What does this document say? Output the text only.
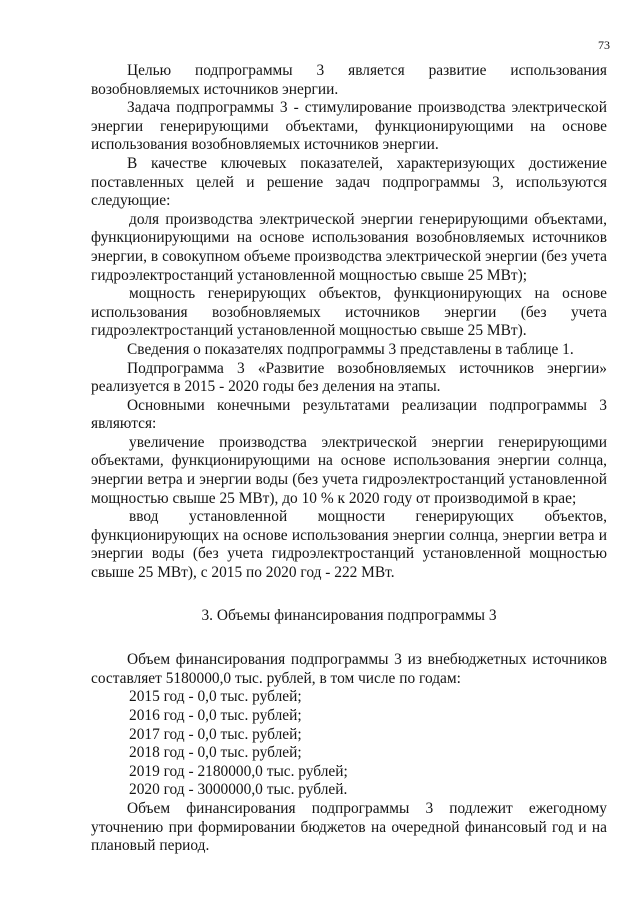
73

Целью подпрограммы 3 является развитие использования возобновляемых источников энергии.

Задача подпрограммы 3 - стимулирование производства электрической энергии генерирующими объектами, функционирующими на основе использования возобновляемых источников энергии.

В качестве ключевых показателей, характеризующих достижение поставленных целей и решение задач подпрограммы 3, используются следующие:

доля производства электрической энергии генерирующими объектами, функционирующими на основе использования возобновляемых источников энергии, в совокупном объеме производства электрической энергии (без учета гидроэлектростанций установленной мощностью свыше 25 МВт);

мощность генерирующих объектов, функционирующих на основе использования возобновляемых источников энергии (без учета гидроэлектростанций установленной мощностью свыше 25 МВт).

Сведения о показателях подпрограммы 3 представлены в таблице 1.

Подпрограмма 3 «Развитие возобновляемых источников энергии» реализуется в 2015 - 2020 годы без деления на этапы.

Основными конечными результатами реализации подпрограммы 3 являются:

увеличение производства электрической энергии генерирующими объектами, функционирующими на основе использования энергии солнца, энергии ветра и энергии воды (без учета гидроэлектростанций установленной мощностью свыше 25 МВт), до 10 % к 2020 году от производимой в крае;

ввод установленной мощности генерирующих объектов, функционирующих на основе использования энергии солнца, энергии ветра и энергии воды (без учета гидроэлектростанций установленной мощностью свыше 25 МВт), с 2015 по 2020 год - 222 МВт.

3. Объемы финансирования подпрограммы 3

Объем финансирования подпрограммы 3 из внебюджетных источников составляет 5180000,0 тыс. рублей, в том числе по годам:

2015 год - 0,0 тыс. рублей;

2016 год - 0,0 тыс. рублей;

2017 год - 0,0 тыс. рублей;

2018 год - 0,0 тыс. рублей;

2019 год - 2180000,0 тыс. рублей;

2020 год - 3000000,0 тыс. рублей.

Объем финансирования подпрограммы 3 подлежит ежегодному уточнению при формировании бюджетов на очередной финансовый год и на плановый период.
